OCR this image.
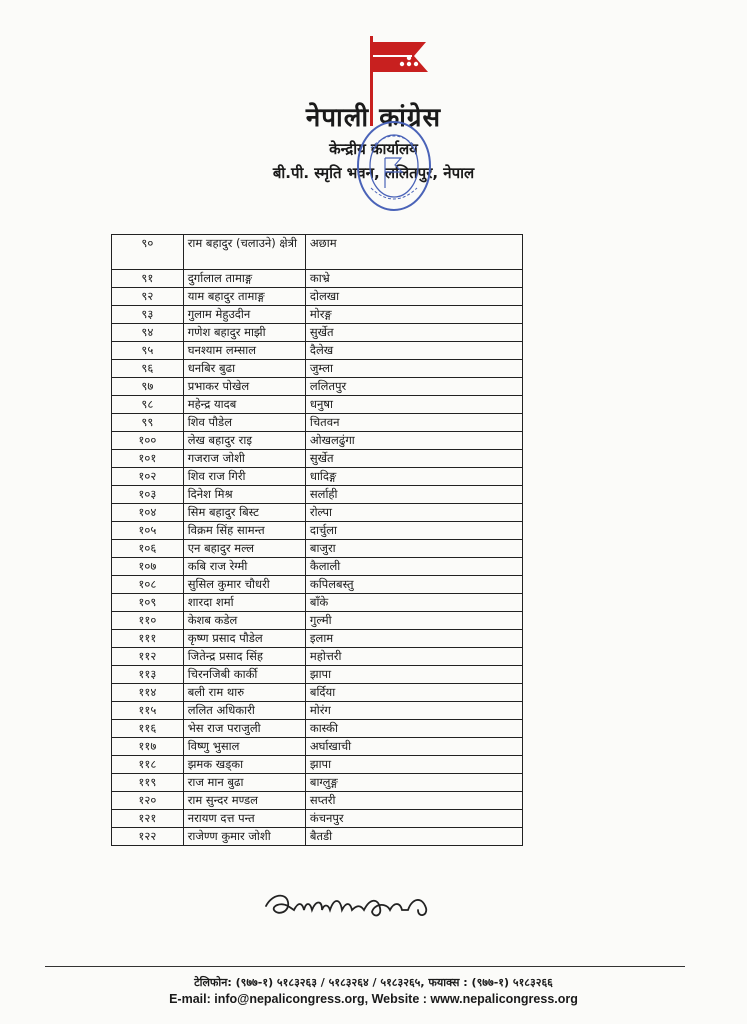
नेपाली कांग्रेस
केन्द्रीय कार्यालय
बी.पी. स्मृति भवन, ललितपुर, नेपाल
९०	राम बहादुर (चलाउने) क्षेत्री	अछाम
९१	दुर्गालाल तामाङ्ग	काभ्रे
९२	याम बहादुर तामाङ्ग	दोलखा
९३	गुलाम मेहुउदीन	मोरङ्ग
९४	गणेश बहादुर माझी	सुर्खेत
९५	घनश्याम लम्साल	दैलेख
९६	धनबिर बुढा	जुम्ला
९७	प्रभाकर पोखेल	ललितपुर
९८	महेन्द्र यादब	धनुषा
९९	शिव पौडेल	चितवन
१००	लेख बहादुर राइ	ओखलढुंगा
१०१	गजराज जोशी	सुर्खेत
१०२	शिव राज गिरी	धादिङ्ग
१०३	दिनेश मिश्र	सर्लाही
१०४	सिम बहादुर बिस्ट	रोल्पा
१०५	विक्रम सिंह सामन्त	दार्चुला
१०६	एन बहादुर मल्ल	बाजुरा
१०७	कबि राज रेग्मी	कैलाली
१०८	सुसिल कुमार चौधरी	कपिलबस्तु
१०९	शारदा शर्मा	बाँके
११०	केशब कडेल	गुल्मी
१११	कृष्ण प्रसाद पौडेल	इलाम
११२	जितेन्द्र प्रसाद सिंह	महोत्तरी
११३	चिरनजिबी कार्की	झापा
११४	बली राम थारु	बर्दिया
११५	ललित अधिकारी	मोरंग
११६	भेस राज पराजुली	कास्की
११७	विष्णु भुसाल	अर्घाखाची
११८	झमक खड्का	झापा
११९	राज मान बुढा	बाग्लुङ्ग
१२०	राम सुन्दर मण्डल	सप्तरी
१२१	नरायण दत्त पन्त	कंचनपुर
१२२	राजेण्ण कुमार जोशी	बैतडी
टेलिफोन: (९७७-१) ५१८३२६३ / ५१८३२६४ / ५१८३२६५, फयाक्स : (९७७-१) ५१८३२६६
E-mail: info@nepalicongress.org, Website : www.nepalicongress.org
